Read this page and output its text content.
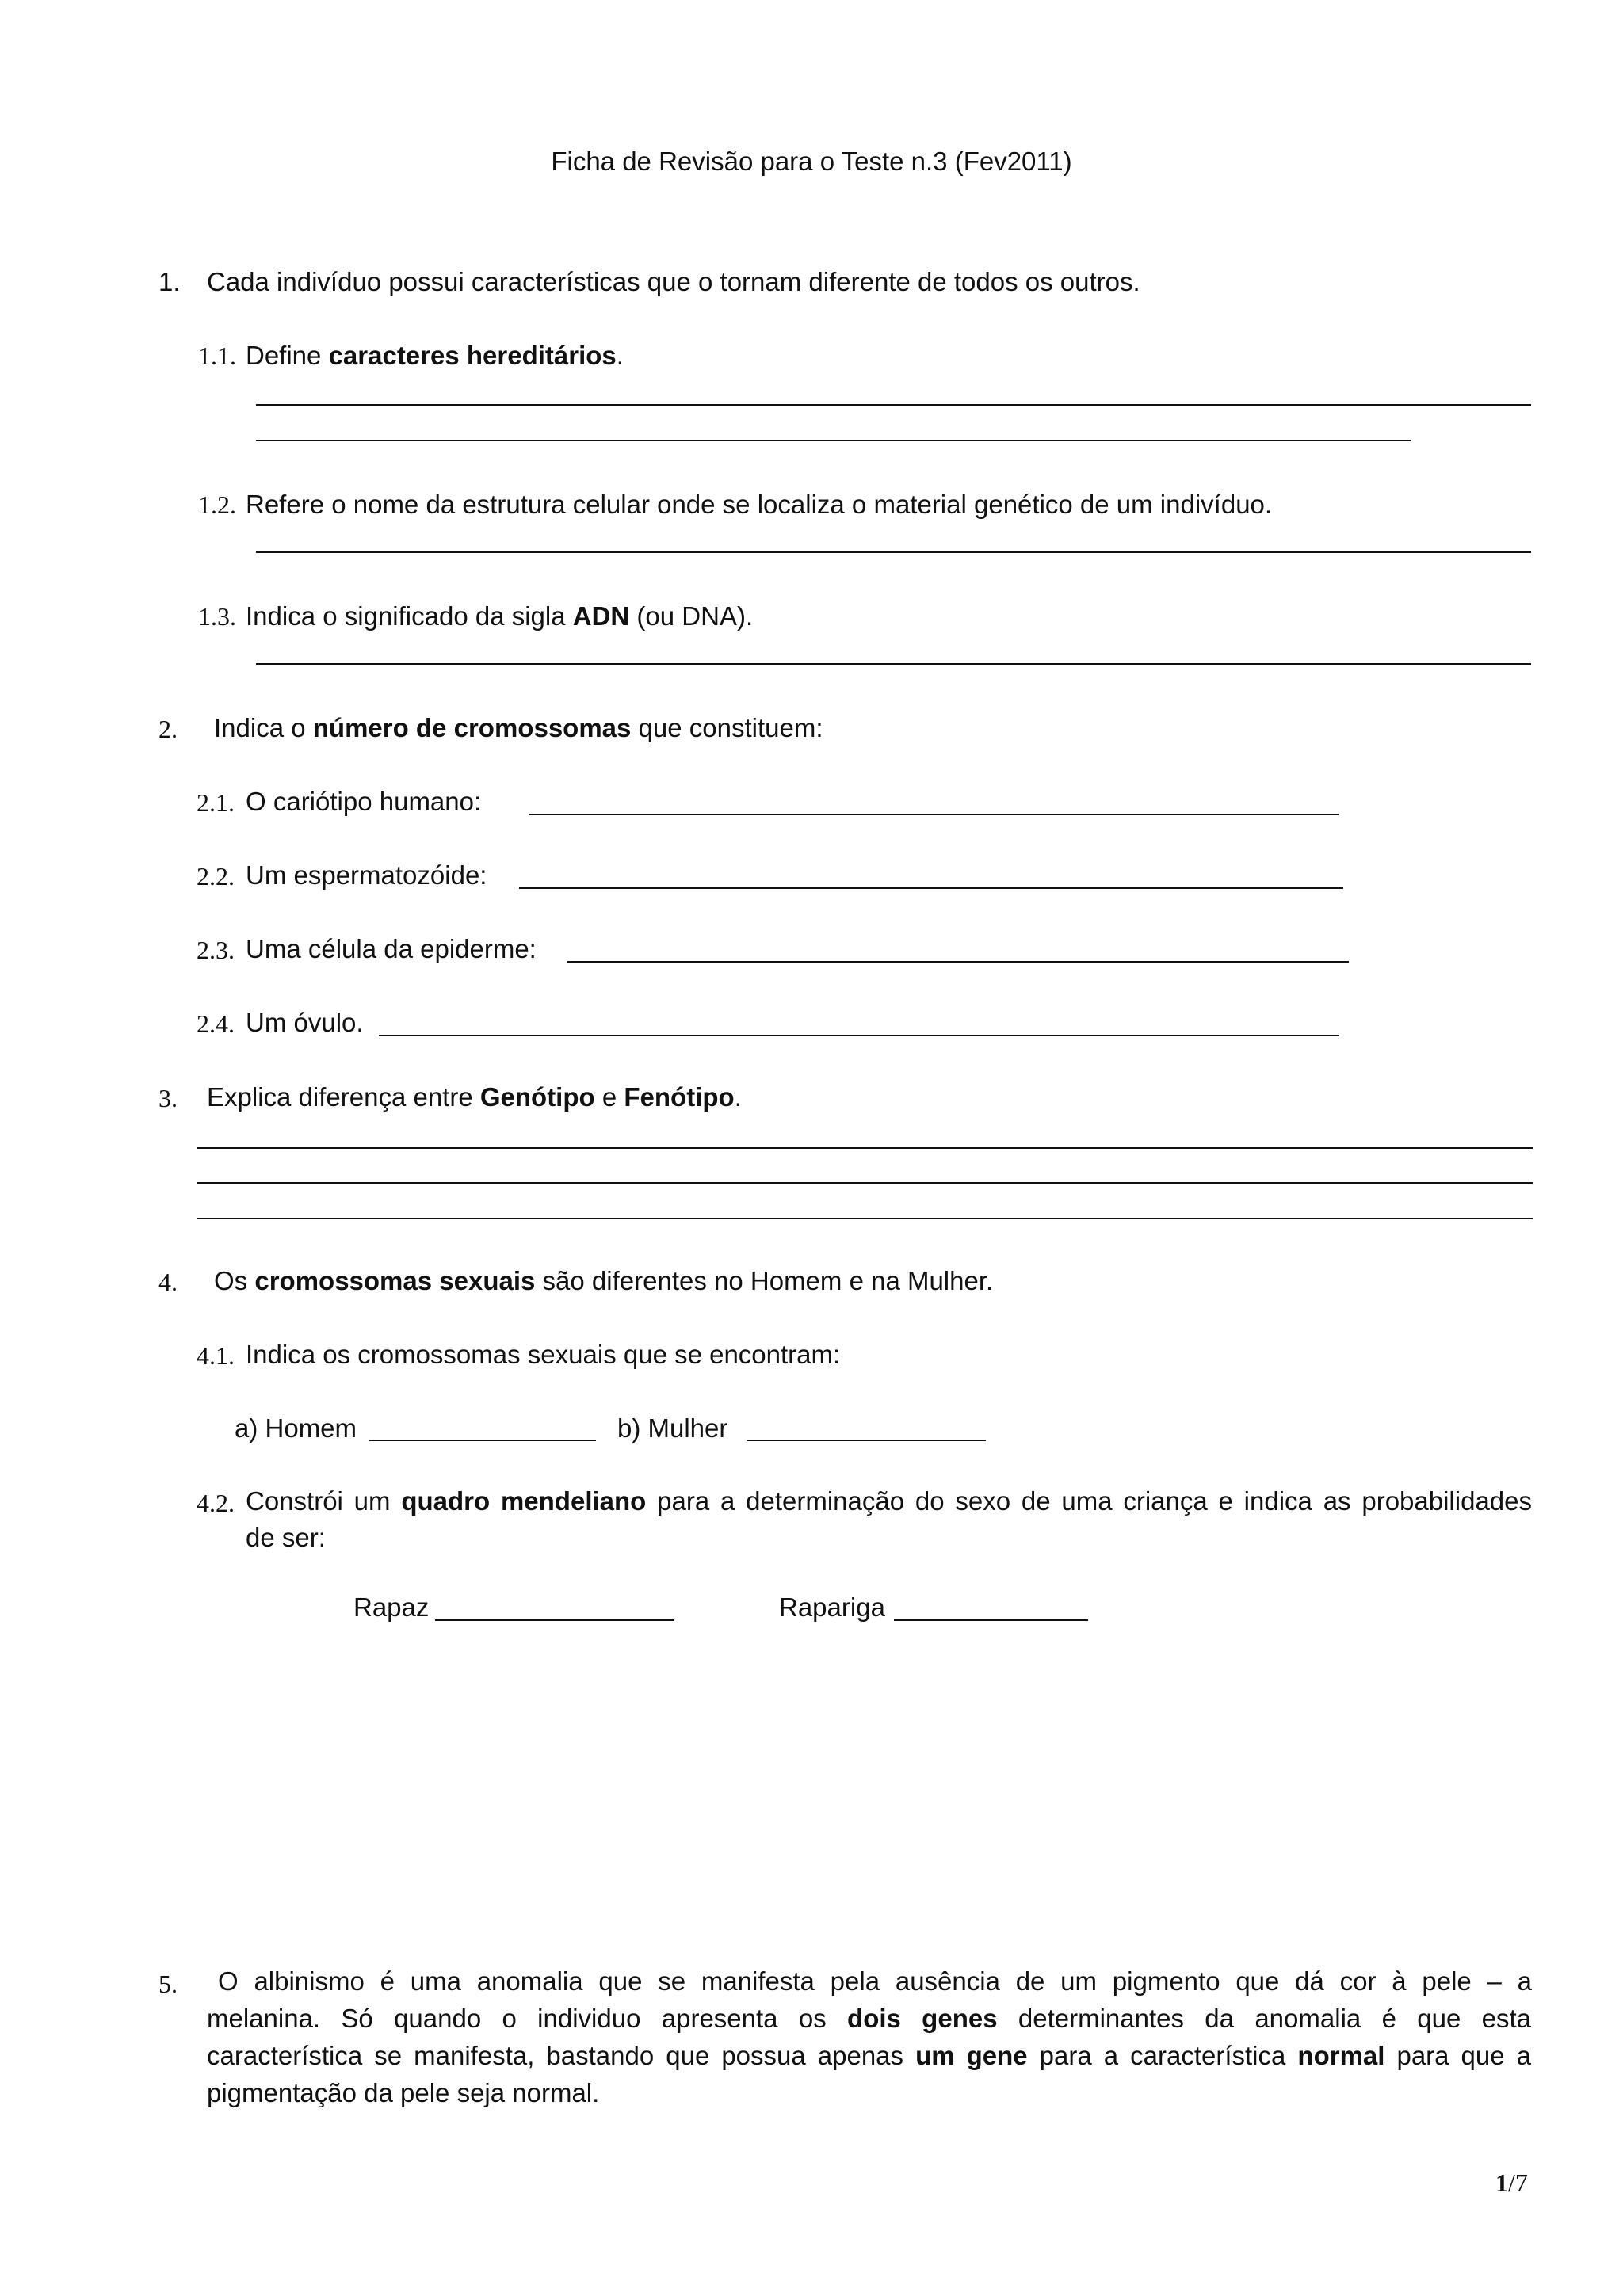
Ficha de Revisão para o Teste n.3 (Fev2011)
1. Cada indivíduo possui características que o tornam diferente de todos os outros.
1.1. Define caracteres hereditários.
1.2. Refere o nome da estrutura celular onde se localiza o material genético de um indivíduo.
1.3. Indica o significado da sigla ADN (ou DNA).
2. Indica o número de cromossomas que constituem:
2.1. O cariótipo humano:
2.2. Um espermatozóide:
2.3. Uma célula da epiderme:
2.4. Um óvulo.
3. Explica diferença entre Genótipo e Fenótipo.
4. Os cromossomas sexuais são diferentes no Homem e na Mulher.
4.1. Indica os cromossomas sexuais que se encontram:
a) Homem	b) Mulher
4.2. Constrói um quadro mendeliano para a determinação do sexo de uma criança e indica as probabilidades
de ser:
Rapaz	Rapariga
5. O albinismo é uma anomalia que se manifesta pela ausência de um pigmento que dá cor à pele – a
melanina. Só quando o individuo apresenta os dois genes determinantes da anomalia é que esta
característica se manifesta, bastando que possua apenas um gene para a característica normal para que a
pigmentação da pele seja normal.
1/7
